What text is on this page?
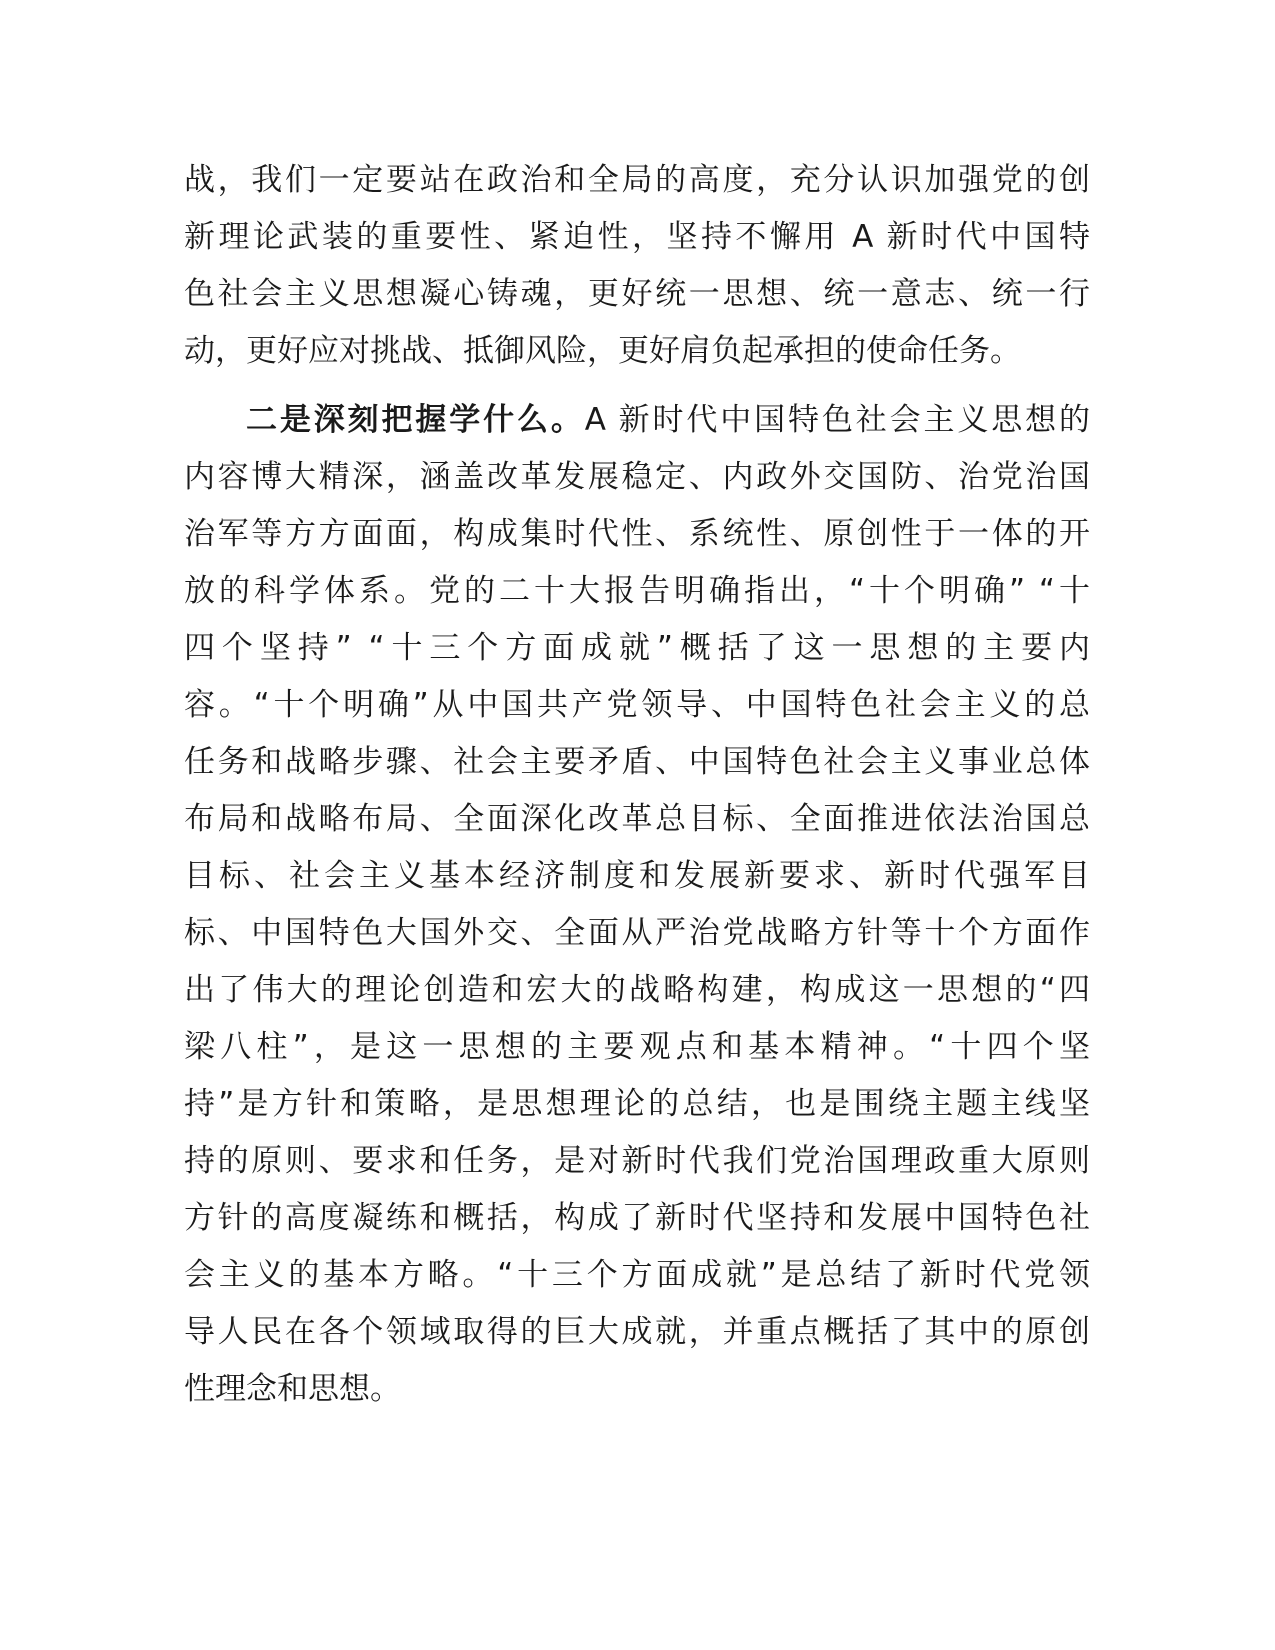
战，我们一定要站在政治和全局的高度，充分认识加强党的创
新理论武装的重要性、紧迫性，坚持不懈用 A 新时代中国特
色社会主义思想凝心铸魂，更好统一思想、统一意志、统一行
动，更好应对挑战、抵御风险，更好肩负起承担的使命任务。
二是深刻把握学什么。A 新时代中国特色社会主义思想的
内容博大精深，涵盖改革发展稳定、内政外交国防、治党治国
治军等方方面面，构成集时代性、系统性、原创性于一体的开
放的科学体系。党的二十大报告明确指出，“十个明确” “十
四个坚持” “十三个方面成就”概括了这一思想的主要内
容。“十个明确”从中国共产党领导、中国特色社会主义的总
任务和战略步骤、社会主要矛盾、中国特色社会主义事业总体
布局和战略布局、全面深化改革总目标、全面推进依法治国总
目标、社会主义基本经济制度和发展新要求、新时代强军目
标、中国特色大国外交、全面从严治党战略方针等十个方面作
出了伟大的理论创造和宏大的战略构建，构成这一思想的“四
梁八柱”，是这一思想的主要观点和基本精神。“十四个坚
持”是方针和策略，是思想理论的总结，也是围绕主题主线坚
持的原则、要求和任务，是对新时代我们党治国理政重大原则
方针的高度凝练和概括，构成了新时代坚持和发展中国特色社
会主义的基本方略。“十三个方面成就”是总结了新时代党领
导人民在各个领域取得的巨大成就，并重点概括了其中的原创
性理念和思想。
